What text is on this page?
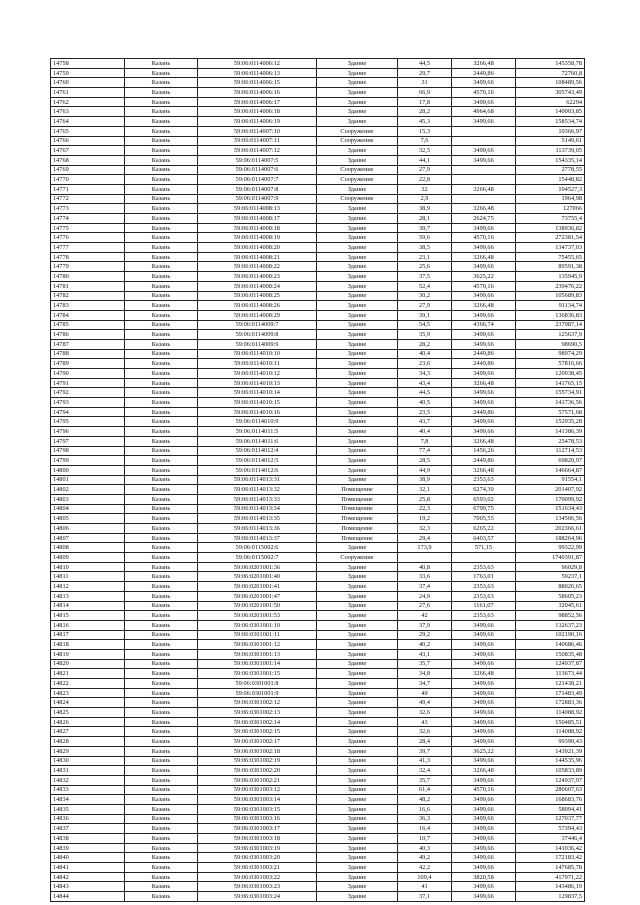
14758	Казань	59:06:0114006:12	Здание	44,5	3266,48	145358,78
14759	Казань	59:06:0114006:13	Здание	29,7	2449,86	72760,8
14760	Казань	59:06:0114006:15	Здание	31	3499,66	108489,56
14761	Казань	59:06:0114006:16	Здание	66,9	4570,16	305743,49
14762	Казань	59:06:0114006:17	Здание	17,8	3499,66	62294
14763	Казань	59:06:0114006:18	Здание	28,2	4964,68	140003,85
14764	Казань	59:06:0114006:19	Здание	45,3	3499,66	158534,74
14765	Казань	59:06:0114007:10	Сооружение	15,3		10366,97
14766	Казань	59:06:0114007:11	Сооружение	7,6		5149,61
14767	Казань	59:06:0114007:12	Здание	32,5	3499,66	113739,05
14768	Казань	59:06:0114007:5	Здание	44,1	3499,66	154335,14
14769	Казань	59:06:0114007:6	Сооружение	27,9		2778,55
14770	Казань	59:06:0114007:7	Сооружение	22,8		15448,82
14771	Казань	59:06:0114007:8	Здание	32	3266,48	104527,3
14772	Казань	59:06:0114007:9	Сооружение	2,9		1964,98
14773	Казань	59:06:0114008:13	Здание	38,9	3266,48	127066
14774	Казань	59:06:0114008:17	Здание	28,1	2624,75	73755,4
14775	Казань	59:06:0114008:18	Здание	39,7	3499,66	138936,82
14776	Казань	59:06:0114008:19	Здание	59,6	4570,16	272381,54
14777	Казань	59:06:0114008:20	Здание	38,5	3499,66	134737,03
14778	Казань	59:06:0114008:21	Здание	23,1	3266,48	75455,65
14779	Казань	59:06:0114008:22	Здание	25,6	3499,66	89591,38
14780	Казань	59:06:0114008:23	Здание	37,5	3625,22	135945,9
14781	Казань	59:06:0114008:24	Здание	52,4	4570,16	239476,22
14782	Казань	59:06:0114008:25	Здание	30,2	3499,66	105689,83
14783	Казань	59:06:0114008:26	Здание	27,9	3266,48	91134,74
14784	Казань	59:06:0114008:29	Здание	39,1	3499,66	136836,83
14785	Казань	59:06:0114009:7	Здание	54,5	4366,74	237987,14
14786	Казань	59:06:0114009:8	Здание	35,9	3499,66	125637,9
14787	Казань	59:06:0114009:9	Здание	28,2	3499,66	98690,5
14788	Казань	59:06:0114010:10	Здание	40,4	2449,86	98974,29
14789	Казань	59:06:0114010:11	Здание	23,6	2449,86	57816,66
14790	Казань	59:06:0114010:12	Здание	34,3	3499,66	120038,45
14791	Казань	59:06:0114010:13	Здание	43,4	3266,48	141765,15
14792	Казань	59:06:0114010:14	Здание	44,5	3499,66	155734,91
14793	Казань	59:06:0114010:15	Здание	40,5	3499,66	141736,56
14794	Казань	59:06:0114010:16	Здание	23,5	2449,86	57571,68
14795	Казань	59:06:0114010:9	Здание	43,7	3499,66	152935,28
14796	Казань	59:06:0114011:5	Здание	40,4	3499,66	141386,39
14797	Казань	59:06:0114011:6	Здание	7,8	3266,48	25478,53
14798	Казань	59:06:0114012:4	Здание	77,4	1456,26	112714,53
14799	Казань	59:06:0114012:5	Здание	28,5	2449,86	69820,97
14800	Казань	59:06:0114012:6	Здание	44,9	3266,48	146664,87
14801	Казань	59:06:0114013:31	Здание	38,9	2353,63	91554,1
14802	Казань	59:06:0114013:32	Помещение	32,1	6274,39	201407,92
14803	Казань	59:06:0114013:33	Помещение	25,8	6593,02	170099,92
14804	Казань	59:06:0114013:34	Помещение	22,3	6799,75	151634,43
14805	Казань	59:06:0114013:35	Помещение	19,2	7005,55	134506,56
14806	Казань	59:06:0114013:36	Помещение	32,3	6265,22	202366,61
14807	Казань	59:06:0114013:37	Помещение	29,4	6403,57	188264,96
14808	Казань	59:06:0115002:6	Здание	173,9	571,15	99322,99
14809	Казань	59:06:0115002:7	Сооружение			1740391,87
14810	Казань	59:06:0201001:36	Здание	40,8	2353,63	96029,8
14811	Казань	59:06:0201001:40	Здание	33,6	1763,01	59237,1
14812	Казань	59:06:0201001:41	Здание	37,4	2353,63	88026,65
14813	Казань	59:06:0201001:47	Здание	24,9	2353,63	58605,23
14814	Казань	59:06:0201001:50	Здание	27,6	1161,07	32045,61
14815	Казань	59:06:0201001:53	Здание	42	2353,63	98852,56
14816	Казань	59:06:0301001:10	Здание	37,9	3499,66	132637,23
14817	Казань	59:06:0301001:11	Здание	29,2	3499,66	102190,16
14818	Казань	59:06:0301001:12	Здание	40,2	3499,66	140686,46
14819	Казань	59:06:0301001:13	Здание	43,1	3499,66	150835,48
14820	Казань	59:06:0301001:14	Здание	35,7	3499,66	124937,87
14821	Казань	59:06:0301001:15	Здание	34,8	3266,48	113673,44
14822	Казань	59:06:0301001:8	Здание	34,7	3499,66	121438,21
14823	Казань	59:06:0301001:9	Здание	49	3499,66	171483,49
14824	Казань	59:06:0301002:12	Здание	49,4	3499,66	172883,36
14825	Казань	59:06:0301002:13	Здание	32,6	3499,66	114088,92
14826	Казань	59:06:0301002:14	Здание	43	3499,66	150485,51
14827	Казань	59:06:0301002:15	Здание	32,6	3499,66	114088,92
14828	Казань	59:06:0301002:17	Здание	28,4	3499,66	99390,43
14829	Казань	59:06:0301002:18	Здание	39,7	3625,22	143921,39
14830	Казань	59:06:0301002:19	Здание	41,3	3499,66	144535,96
14831	Казань	59:06:0301002:20	Здание	32,4	3266,48	105833,89
14832	Казань	59:06:0301002:21	Здание	35,7	3499,66	124937,97
14833	Казань	59:06:0301003:12	Здание	61,4	4570,16	280607,63
14834	Казань	59:06:0301003:14	Здание	48,2	3499,66	168683,76
14835	Казань	59:06:0301003:15	Здание	16,6	3499,66	58094,41
14836	Казань	59:06:0301003:16	Здание	36,3	3499,66	127037,77
14837	Казань	59:06:0301003:17	Здание	16,4	3499,66	57394,43
14838	Казань	59:06:0301003:18	Здание	10,7	3499,66	37446,4
14839	Казань	59:06:0301003:19	Здание	40,3	3499,66	141036,42
14840	Казань	59:06:0301003:20	Здание	49,2	3499,66	172183,42
14841	Казань	59:06:0301003:21	Здание	42,2	3499,66	147685,78
14842	Казань	59:06:0301003:22	Здание	109,4	3820,58	417971,22
14843	Казань	59:06:0301003:23	Здание	41	3499,66	143486,19
14844	Казань	59:06:0301003:24	Здание	37,1	3499,66	129837,5
